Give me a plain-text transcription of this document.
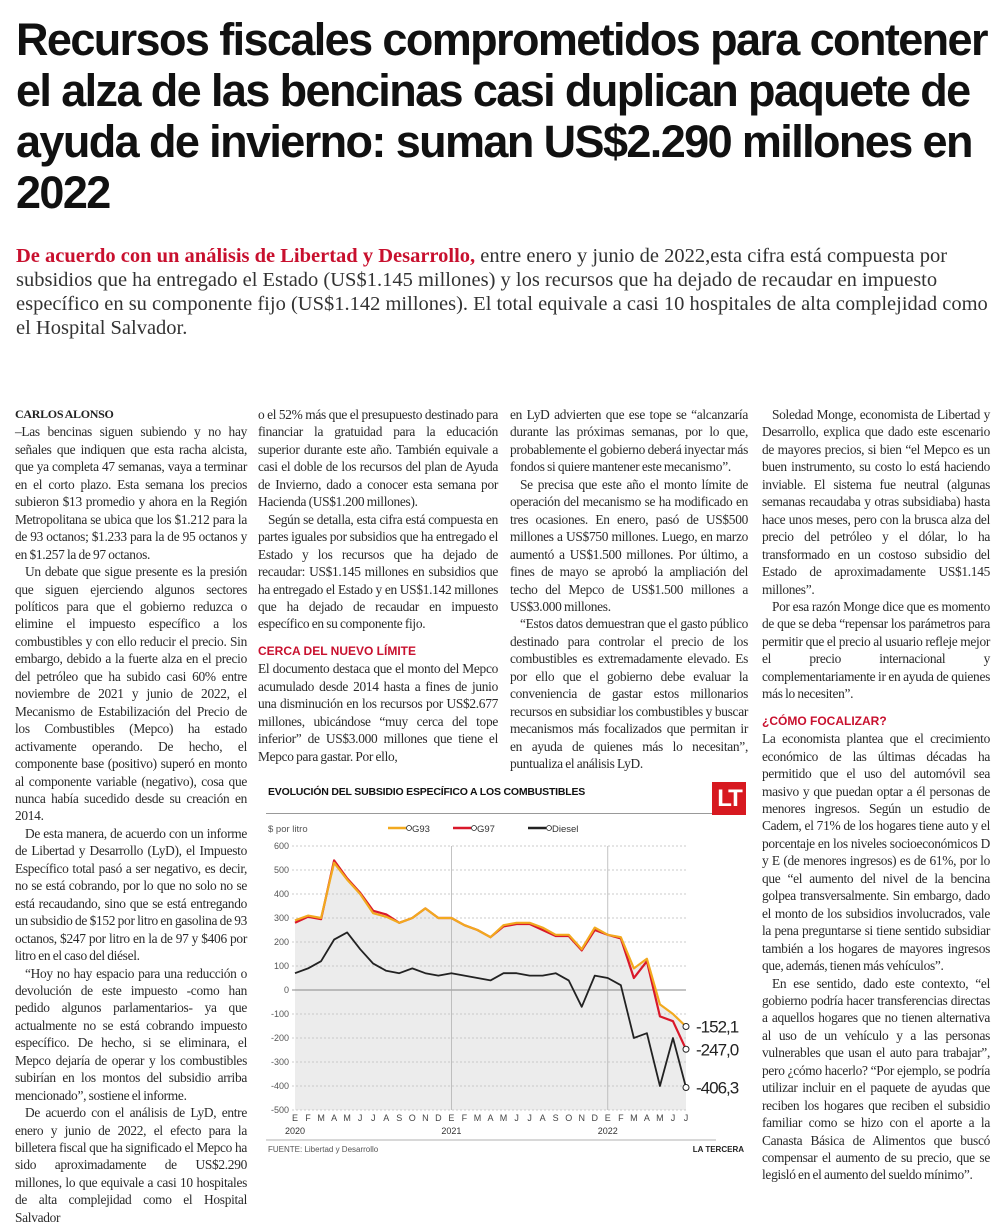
Recursos fiscales comprometidos para contener el alza de las bencinas casi duplican paquete de ayuda de invierno: suman US$2.290 millones en 2022
De acuerdo con un análisis de Libertad y Desarrollo, entre enero y junio de 2022,esta cifra está compuesta por subsidios que ha entregado el Estado (US$1.145 millones) y los recursos que ha dejado de recaudar en impuesto específico en su componente fijo (US$1.142 millones). El total equivale a casi 10 hospitales de alta complejidad como el Hospital Salvador.
CARLOS ALONSO

–Las bencinas siguen subiendo y no hay señales que indiquen que esta racha alcista, que ya completa 47 semanas, vaya a terminar en el corto plazo. Esta semana los precios subieron $13 promedio y ahora en la Región Metropolitana se ubica que los $1.212 para la de 93 octanos; $1.233 para la de 95 octanos y en $1.257 la de 97 octanos.

Un debate que sigue presente es la presión que siguen ejerciendo algunos sectores políticos para que el gobierno reduzca o elimine el impuesto específico a los combustibles y con ello reducir el precio. Sin embargo, debido a la fuerte alza en el precio del petróleo que ha subido casi 60% entre noviembre de 2021 y junio de 2022, el Mecanismo de Estabilización del Precio de los Combustibles (Mepco) ha estado activamente operando. De hecho, el componente base (positivo) superó en monto al componente variable (negativo), cosa que nunca había sucedido desde su creación en 2014.

De esta manera, de acuerdo con un informe de Libertad y Desarrollo (LyD), el Impuesto Específico total pasó a ser negativo, es decir, no se está cobrando, por lo que no solo no se está recaudando, sino que se está entregando un subsidio de $152 por litro en gasolina de 93 octanos, $247 por litro en la de 97 y $406 por litro en el caso del diésel.

“Hoy no hay espacio para una reducción o devolución de este impuesto -como han pedido algunos parlamentarios- ya que actualmente no se está cobrando impuesto específico. De hecho, si se eliminara, el Mepco dejaría de operar y los combustibles subirían en los montos del subsidio arriba mencionado”, sostiene el informe.

De acuerdo con el análisis de LyD, entre enero y junio de 2022, el efecto para la billetera fiscal que ha significado el Mepco ha sido aproximadamente de US$2.290 millones, lo que equivale a casi 10 hospitales de alta complejidad como el Hospital Salvador

o el 52% más que el presupuesto destinado para financiar la gratuidad para la educación superior durante este año. También equivale a casi el doble de los recursos del plan de Ayuda de Invierno, dado a conocer esta semana por Hacienda (US$1.200 millones).

Según se detalla, esta cifra está compuesta en partes iguales por subsidios que ha entregado el Estado y los recursos que ha dejado de recaudar: US$1.145 millones en subsidios que ha entregado el Estado y en US$1.142 millones que ha dejado de recaudar en impuesto específico en su componente fijo.

CERCA DEL NUEVO LÍMITE

El documento destaca que el monto del Mepco acumulado desde 2014 hasta a fines de junio una disminución en los recursos por US$2.677 millones, ubicándose “muy cerca del tope inferior” de US$3.000 millones que tiene el Mepco para gastar. Por ello,

en LyD advierten que ese tope se “alcanzaría durante las próximas semanas, por lo que, probablemente el gobierno deberá inyectar más fondos si quiere mantener este mecanismo”.

Se precisa que este año el monto límite de operación del mecanismo se ha modificado en tres ocasiones. En enero, pasó de US$500 millones a US$750 millones. Luego, en marzo aumentó a US$1.500 millones. Por último, a fines de mayo se aprobó la ampliación del techo del Mepco de US$1.500 millones a US$3.000 millones.

“Estos datos demuestran que el gasto público destinado para controlar el precio de los combustibles es extremadamente elevado. Es por ello que el gobierno debe evaluar la conveniencia de gastar estos millonarios recursos en subsidiar los combustibles y buscar mecanismos más focalizados que permitan ir en ayuda de quienes más lo necesitan”, puntualiza el análisis LyD.

Soledad Monge, economista de Libertad y Desarrollo, explica que dado este escenario de mayores precios, si bien “el Mepco es un buen instrumento, su costo lo está haciendo inviable. El sistema fue neutral (algunas semanas recaudaba y otras subsidiaba) hasta hace unos meses, pero con la brusca alza del precio del petróleo y el dólar, lo ha transformado en un costoso subsidio del Estado de aproximadamente US$1.145 millones”.

Por esa razón Monge dice que es momento de que se deba “repensar los parámetros para permitir que el precio al usuario refleje mejor el precio internacional y complementariamente ir en ayuda de quienes más lo necesiten”.

¿CÓMO FOCALIZAR?

La economista plantea que el crecimiento económico de las últimas décadas ha permitido que el uso del automóvil sea masivo y que puedan optar a él personas de menores ingresos. Según un estudio de Cadem, el 71% de los hogares tiene auto y el porcentaje en los niveles socioeconómicos D y E (de menores ingresos) es de 61%, por lo que “el aumento del nivel de la bencina golpea transversalmente. Sin embargo, dado el monto de los subsidios involucrados, vale la pena preguntarse si tiene sentido subsidiar también a los hogares de mayores ingresos que, además, tienen más vehículos”.

En ese sentido, dado este contexto, “el gobierno podría hacer transferencias directas a aquellos hogares que no tienen alternativa al uso de un vehículo y a las personas vulnerables que usan el auto para trabajar”, pero ¿cómo hacerlo? “Por ejemplo, se podría utilizar incluir en el paquete de ayudas que reciben los hogares que reciben el subsidio familiar como se hizo con el aporte a la Canasta Básica de Alimentos que buscó compensar el aumento de su precio, que se legisló en el aumento del sueldo mínimo”.

600
500
400
300
200
100
0
-100
-200
-300
-400
-500
2020	2021	2022
E F M A M J J A S O N D E F M A M J J A S O N D E F M A M J J
$ por litro	G93	G97	Diesel
-406,3
-247,0
-152,1
EVOLUCIÓN DEL SUBSIDIO ESPECÍFICO A LOS COMBUSTIBLES	LT
FUENTE: Libertad y Desarrollo	LA TERCERA
